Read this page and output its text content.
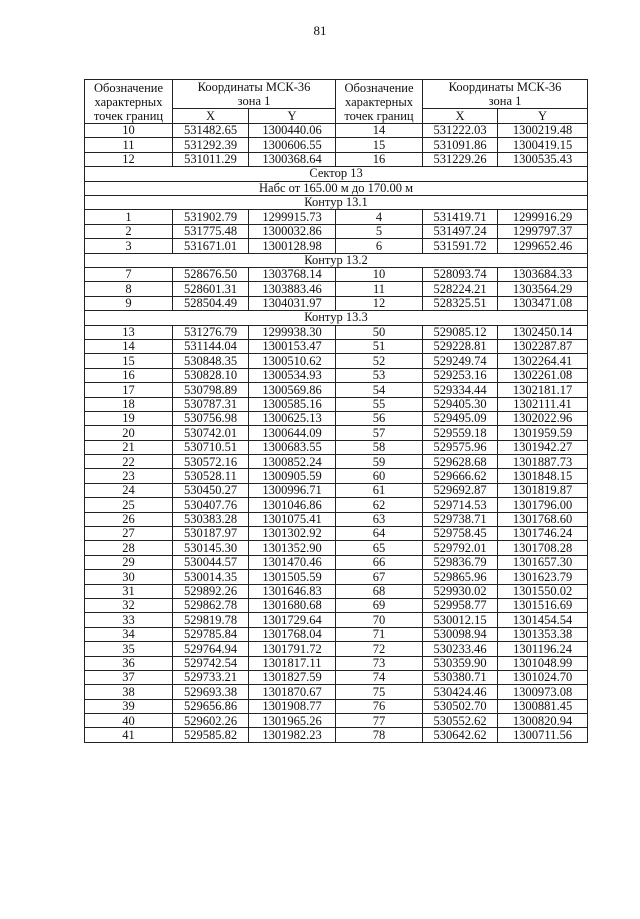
81
Обозначение
характерных
точек границ	Координаты МСК-36
зона 1		Обозначение
характерных
точек границ	Координаты МСК-36
зона 1	
	X	Y		X	Y
10	531482.65	1300440.06	14	531222.03	1300219.48
11	531292.39	1300606.55	15	531091.86	1300419.15
12	531011.29	1300368.64	16	531229.26	1300535.43
Сектор 13					
Нaбс от 165.00 м до 170.00 м					
Контур 13.1					
1	531902.79	1299915.73	4	531419.71	1299916.29
2	531775.48	1300032.86	5	531497.24	1299797.37
3	531671.01	1300128.98	6	531591.72	1299652.46
Контур 13.2					
7	528676.50	1303768.14	10	528093.74	1303684.33
8	528601.31	1303883.46	11	528224.21	1303564.29
9	528504.49	1304031.97	12	528325.51	1303471.08
Контур 13.3					
13	531276.79	1299938.30	50	529085.12	1302450.14
14	531144.04	1300153.47	51	529228.81	1302287.87
15	530848.35	1300510.62	52	529249.74	1302264.41
16	530828.10	1300534.93	53	529253.16	1302261.08
17	530798.89	1300569.86	54	529334.44	1302181.17
18	530787.31	1300585.16	55	529405.30	1302111.41
19	530756.98	1300625.13	56	529495.09	1302022.96
20	530742.01	1300644.09	57	529559.18	1301959.59
21	530710.51	1300683.55	58	529575.96	1301942.27
22	530572.16	1300852.24	59	529628.68	1301887.73
23	530528.11	1300905.59	60	529666.62	1301848.15
24	530450.27	1300996.71	61	529692.87	1301819.87
25	530407.76	1301046.86	62	529714.53	1301796.00
26	530383.28	1301075.41	63	529738.71	1301768.60
27	530187.97	1301302.92	64	529758.45	1301746.24
28	530145.30	1301352.90	65	529792.01	1301708.28
29	530044.57	1301470.46	66	529836.79	1301657.30
30	530014.35	1301505.59	67	529865.96	1301623.79
31	529892.26	1301646.83	68	529930.02	1301550.02
32	529862.78	1301680.68	69	529958.77	1301516.69
33	529819.78	1301729.64	70	530012.15	1301454.54
34	529785.84	1301768.04	71	530098.94	1301353.38
35	529764.94	1301791.72	72	530233.46	1301196.24
36	529742.54	1301817.11	73	530359.90	1301048.99
37	529733.21	1301827.59	74	530380.71	1301024.70
38	529693.38	1301870.67	75	530424.46	1300973.08
39	529656.86	1301908.77	76	530502.70	1300881.45
40	529602.26	1301965.26	77	530552.62	1300820.94
41	529585.82	1301982.23	78	530642.62	1300711.56
